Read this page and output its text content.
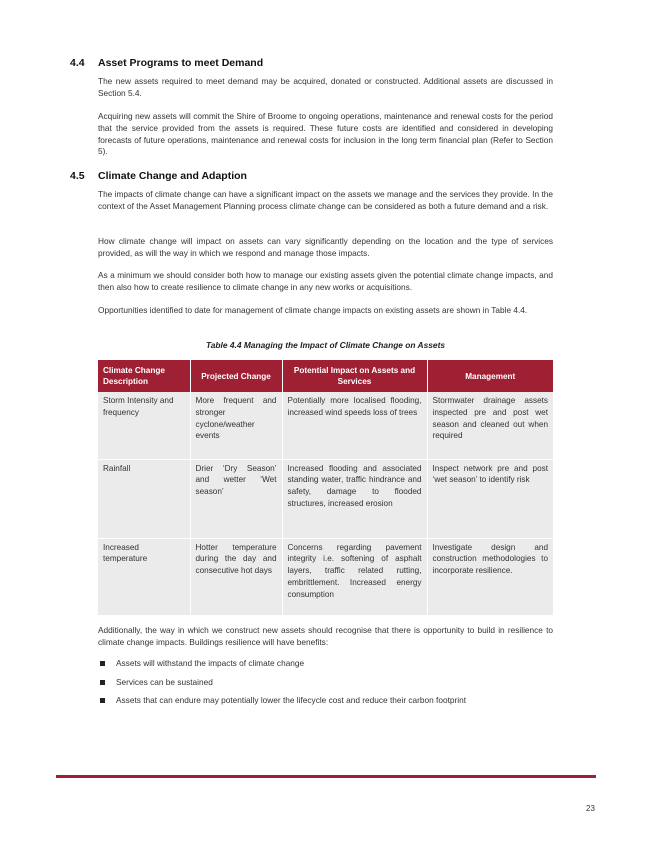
4.4 Asset Programs to meet Demand

The new assets required to meet demand may be acquired, donated or constructed. Additional assets are discussed in Section 5.4.

Acquiring new assets will commit the Shire of Broome to ongoing operations, maintenance and renewal costs for the period that the service provided from the assets is required. These future costs are identified and considered in developing forecasts of future operations, maintenance and renewal costs for inclusion in the long term financial plan (Refer to Section 5).

4.5 Climate Change and Adaption

The impacts of climate change can have a significant impact on the assets we manage and the services they provide. In the context of the Asset Management Planning process climate change can be considered as both a future demand and a risk.

How climate change will impact on assets can vary significantly depending on the location and the type of services provided, as will the way in which we respond and manage those impacts.

As a minimum we should consider both how to manage our existing assets given the potential climate change impacts, and then also how to create resilience to climate change in any new works or acquisitions.

Opportunities identified to date for management of climate change impacts on existing assets are shown in Table 4.4.

Table 4.4 Managing the Impact of Climate Change on Assets
Climate Change Description	Projected Change	Potential Impact on Assets and Services	Management
Storm Intensity and frequency	More frequent and stronger cyclone/weather events	Potentially more localised flooding, increased wind speeds loss of trees	Stormwater drainage assets inspected pre and post wet season and cleaned out when required
Rainfall	Drier ‘Dry Season’ and wetter ‘Wet season’	Increased flooding and associated standing water, traffic hindrance and safety, damage to flooded structures, increased erosion	Inspect network pre and post ‘wet season’ to identify risk
Increased temperature	Hotter temperature during the day and consecutive hot days	Concerns regarding pavement integrity i.e. softening of asphalt layers, traffic related rutting, embrittlement. Increased energy consumption	Investigate design and construction methodologies to incorporate resilience.

Additionally, the way in which we construct new assets should recognise that there is opportunity to build in resilience to climate change impacts. Buildings resilience will have benefits:

Assets will withstand the impacts of climate change
Services can be sustained
Assets that can endure may potentially lower the lifecycle cost and reduce their carbon footprint
23
